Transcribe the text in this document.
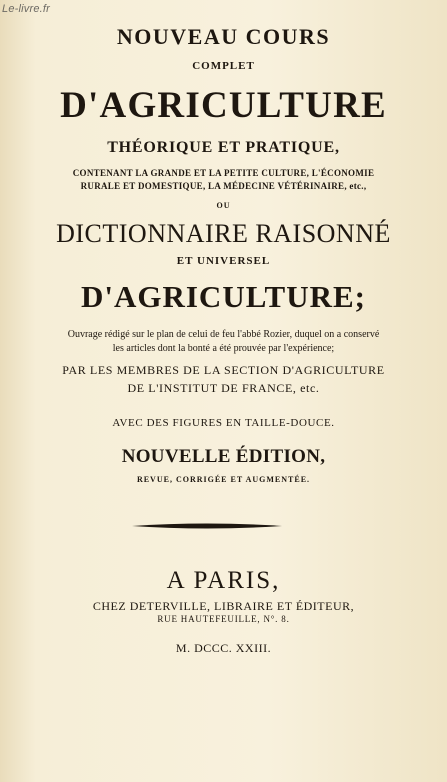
Le-livre.fr
NOUVEAU COURS
COMPLET
D'AGRICULTURE
THÉORIQUE ET PRATIQUE,
CONTENANT LA GRANDE ET LA PETITE CULTURE, L'ÉCONOMIE
RURALE ET DOMESTIQUE, LA MÉDECINE VÉTÉRINAIRE, etc.,
OU
DICTIONNAIRE RAISONNÉ
ET UNIVERSEL
D'AGRICULTURE;
Ouvrage rédigé sur le plan de celui de feu l'abbé Rozier, duquel on a conservé
les articles dont la bonté a été prouvée par l'expérience;
PAR LES MEMBRES DE LA SECTION D'AGRICULTURE
DE L'INSTITUT DE FRANCE, etc.
AVEC DES FIGURES EN TAILLE-DOUCE.
NOUVELLE ÉDITION,
REVUE, CORRIGÉE ET AUGMENTÉE.
A PARIS,
CHEZ DETERVILLE, LIBRAIRE ET ÉDITEUR,
RUE HAUTEFEUILLE, N°. 8.
M. DCCC. XXIII.
